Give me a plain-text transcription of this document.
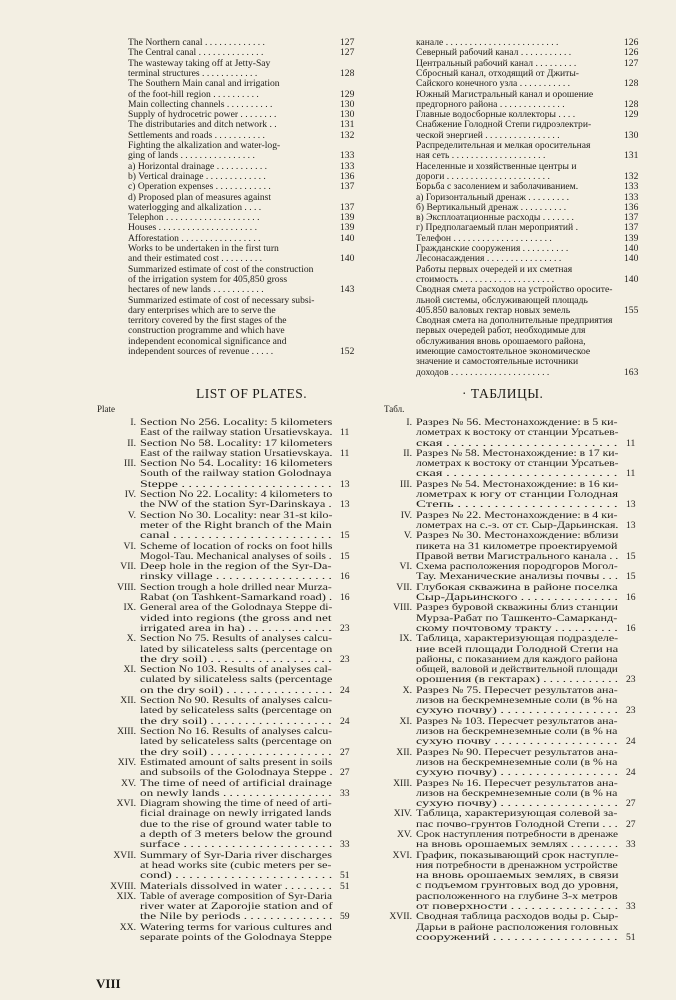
The Northern canal . . . . . . . . . . . . .	127
The Central canal . . . . . . . . . . . . . .	127
The wasteway taking off at Jetty-Say
terminal structures . . . . . . . . . . . .	128
The Southern Main canal and irrigation
of the foot-hill region . . . . . . . . . .	129
Main collecting channels . . . . . . . . . .	130
Supply of hydrocetric power . . . . . . . .	130
The distributaries and ditch network . .	131
Settlements and roads . . . . . . . . . . .	132
Fighting the alkalization and water-log-
ging of lands . . . . . . . . . . . . . . . .	133
a) Horizontal drainage . . . . . . . . . . .	133
b) Vertical drainage . . . . . . . . . . . . .	136
c) Operation expenses . . . . . . . . . . . .	137
d) Proposed plan of measures against
waterlogging and alkalization . . . .	137
Telephon . . . . . . . . . . . . . . . . . . . .	139
Houses . . . . . . . . . . . . . . . . . . . . .	139
Afforestation . . . . . . . . . . . . . . . . .	140
Works to be undertaken in the first turn
and their estimated cost . . . . . . . . .	140
Summarized estimate of cost of the construction
of the irrigation system for 405,850 gross
hectares of new lands . . . . . . . . . . .	143
Summarized estimate of cost of necessary subsi-
dary enterprises which are to serve the
territory covered by the first stages of the
construction programme and which have
independent economical significance and
independent sources of revenue . . . . .	152
канале . . . . . . . . . . . . . . . . . . . . . . . .	126
Северный рабочий канал . . . . . . . . . . .	126
Центральный рабочий канал . . . . . . . . .	127
Сбросный канал, отходящий от Джиты-
Сайского конечного узла . . . . . . . . . . .	128
Южный Магистральный канал и орошение
предгорного района . . . . . . . . . . . . . .	128
Главные водосборные коллекторы . . . .	129
Снабжение Голодной Степи гидроэлектри-
ческой энергией . . . . . . . . . . . . . . . .	130
Распределительная и мелкая оросительная
ная сеть . . . . . . . . . . . . . . . . . . . .	131
Населенные и хозяйственные центры и
дороги . . . . . . . . . . . . . . . . . . . . . .	132
Борьба с засолением и заболачиванием.	133
а) Горизонтальный дренаж . . . . . . . . .	133
б) Вертикальный дренаж . . . . . . . . . .	136
в) Эксплоатационные расходы . . . . . . .	137
г) Предполагаемый план мероприятий .	137
Телефон . . . . . . . . . . . . . . . . . . . . .	139
Гражданские сооружения . . . . . . . . . .	140
Лесонасаждения . . . . . . . . . . . . . . . .	140
Работы первых очередей и их сметная
стоимость . . . . . . . . . . . . . . . . . . . .	140
Сводная смета расходов на устройство оросите-
льной системы, обслуживающей площадь
405.850 валовых гектар новых земель	155
Сводная смета на дополнительные предприятия
первых очередей работ, необходимые для
обслуживания вновь орошаемого района,
имеющие самостоятельное экономическое
значение и самостоятельные источники
доходов . . . . . . . . . . . . . . . . . . . . .	163
LIST OF PLATES.	· ТАБЛИЦЫ.
Plate	Табл.
I. Section No 256. Locality: 5 kilometersEast of the railway station Ursatievskaya. 11
II. Section No 58. Locality: 17 kilometersEast of the railway station Ursatievskaya. 11
III. Section No 54. Locality: 16 kilometersSouth of the railway station GolodnayaSteppe . . . . . . . . . . . . . . . . . . . . . . 13
IV. Section No 22. Locality: 4 kilometers tothe NW of the station Syr-Darinskaya . 13
V. Section No 30. Locality: near 31-st kilo-meter of the Right branch of the Maincanal . . . . . . . . . . . . . . . . . . . . . . . 15
VI. Scheme of location of rocks on foot hillsMogol-Tau. Mechanical analyses of soils . 15
VII. Deep hole in the region of the Syr-Da-rinsky village . . . . . . . . . . . . . . . . . . 16
VIII. Section trough a hole drilled near Murza-Rabat (on Tashkent-Samarkand road) . 16
IX. General area of the Golodnaya Steppe di-vided into regions (the gross and netirrigated area in ha) . . . . . . . . . . . . . 23
X. Section No 75. Results of analyses calcu-lated by silicateless salts (percentage onthe dry soil) . . . . . . . . . . . . . . . . . . 23
XI. Section No 103. Results of analyses cal-culated by silicateless salts (percentageon the dry soil) . . . . . . . . . . . . . . . . 24
XII. Section No 90. Results of analyses calcu-lated by selicateless salts (percentage onthe dry soil) . . . . . . . . . . . . . . . . . . 24
XIII. Section No 16. Results of analyses calcu-lated by selicateless salts (percentage onthe dry soil) . . . . . . . . . . . . . . . . . . 27
XIV. Estimated amount of salts present in soilsand subsoils of the Golodnaya Steppe . 27
XV. The time of need of artificial drainageon newly lands . . . . . . . . . . . . . . . . . 33
XVI. Diagram showing the time of need of arti-ficial drainage on newly irrigated landsdue to the rise of ground water table toa depth of 3 meters below the groundsurface . . . . . . . . . . . . . . . . . . . . . . 33
XVII. Summary of Syr-Daria river dischargesat head works site (cubic meters per se-cond) . . . . . . . . . . . . . . . . . . . . . . . 51
XVIII. Materials dissolved in water . . . . . . . . 51
XIX. Table of average composition of Syr-Dariariver water at Zaporojie station and ofthe Nile by periods . . . . . . . . . . . . . . 59
XX. Watering terms for various cultures andseparate points of the Golodnaya Steppe
I. Разрез № 56. Местонахождение: в 5 ки-лометрах к востоку от станции Урсатьев-ская . . . . . . . . . . . . . . . . . . . . . . . . 11
II. Разрез № 58. Местонахождение: в 17 ки-лометрах к востоку от станции Урсатьев-ская . . . . . . . . . . . . . . . . . . . . . . . . 11
III. Разрез № 54. Местонахождение: в 16 ки-лометрах к югу от станции ГолоднаяСтепь . . . . . . . . . . . . . . . . . . . . . . 13
IV. Разрез № 22. Местонахождение: в 4 ки-лометрах на с.-з. от ст. Сыр-Дарьинская. 13
V. Разрез № 30. Местонахождение: вблизипикета на 31 километре проектируемойПравой ветви Магистрального канала . . 15
VI. Схема расположения породгоров Могол-Тау. Механические анализы почвы . . . 15
VII. Глубокая скважина в районе поселкаСыр-Дарьинского . . . . . . . . . . . . . . . 16
VIII. Разрез буровой скважины близ станцииМурза-Рабат по Ташкенто-Самарканд-скому почтовому тракту . . . . . . . . . . 16
IX. Таблица, характеризующая подразделе-ние всей площади Голодной Степи нарайоны, с показанием для каждого районаобщей, валовой и действительной площадиорошения (в гектарах) . . . . . . . . . . . . 23
X. Разрез № 75. Пересчет результатов ана-лизов на бескремнеземные соли (в % насухую почву) . . . . . . . . . . . . . . . . . 23
XI. Разрез № 103. Пересчет результатов ана-лизов на бескремнеземные соли (в % насухую почву . . . . . . . . . . . . . . . . . . 24
XII. Разрез № 90. Пересчет результатов ана-лизов на бескремнеземные соли (в % насухую почву) . . . . . . . . . . . . . . . . . 24
XIII. Разрез № 16. Пересчет результатов ана-лизов на бескремнеземные соли (в % насухую почву) . . . . . . . . . . . . . . . . . 27
XIV. Таблица, характеризующая солевой за-пас почво-грунтов Голодной Степи . . . 27
XV. Срок наступления потребности в дренажена вновь орошаемых землях . . . . . . . . 33
XVI. График, показывающий срок наступле-ния потребности в дренажном устройствена вновь орошаемых землях, в связис подъемом грунтовых вод до уровня,расположенного на глубине 3-х метровот поверхности . . . . . . . . . . . . . . . . 33
XVII. Сводная таблица расходов воды р. Сыр-Дарьи в районе расположения головныхсооружений . . . . . . . . . . . . . . . . . . 51
VIII
